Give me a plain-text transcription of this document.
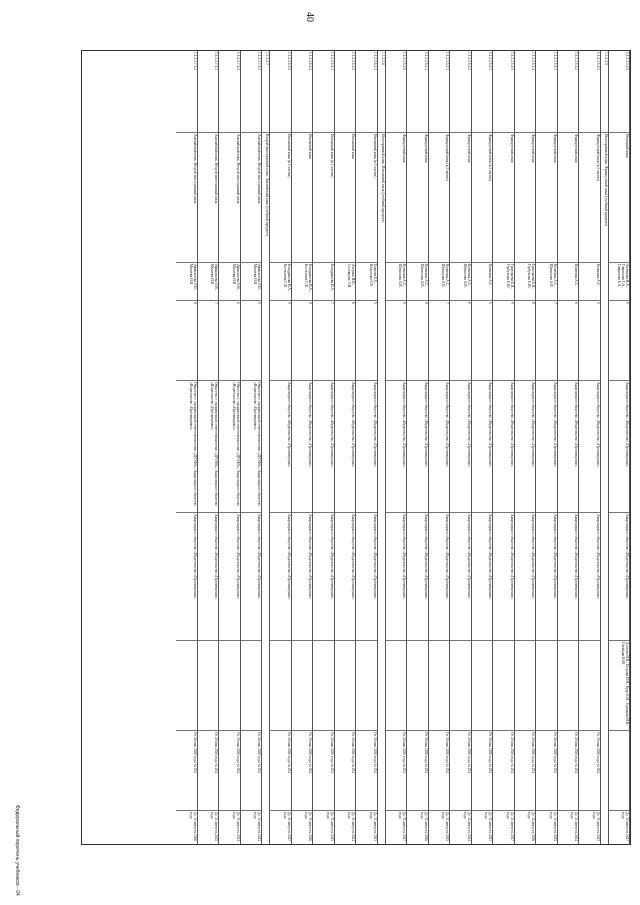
40
Федеральный перечень учебников - 04
1.1.2.2.3.4.5
Немецкий язык
Артемова Н.А., Гаврилова Т.А., Гаврилова Е.А.
9
Акционерное общество «Издательство «Просвещение»
Акционерное общество «Издательство «Просвещение»
Долгова И.В., Егорова Н.Н., Куцо Е.Н., Горшкова Н.В., Сагайдак Н.Ю.
До 31 августа 2027 года
1.1.2.2.5
Иностранный язык. Французский язык (учебный предмет)
1.1.2.2.5.1.1
Французский язык (в 2 частях)
Кулигина А.С.
5
Акционерное общество «Издательство «Просвещение»
Акционерное общество «Издательство «Просвещение»
От 20 мая 2020 года № 254
До 31 августа 2023 года
1.1.2.2.5.1.2
Французский язык
Кулигина А.С.
6
Акционерное общество «Издательство «Просвещение»
Акционерное общество «Издательство «Просвещение»
От 20 мая 2020 года № 254
До 31 августа 2024 года
1.1.2.2.5.1.3
Французский язык
Кулигина А.С., Щепилова А.В.
7
Акционерное общество «Издательство «Просвещение»
Акционерное общество «Издательство «Просвещение»
От 20 мая 2020 года № 254
До 31 августа 2025 года
1.1.2.2.5.1.4
Французский язык
Григорьева Е.Я., Горбунова Е.Ю.
8
Акционерное общество «Издательство «Просвещение»
Акционерное общество «Издательство «Просвещение»
От 20 мая 2020 года № 254
До 31 августа 2026 года
1.1.2.2.5.1.5
Французский язык
Григорьева Е.Я., Горбунова Е.Ю.
9
Акционерное общество «Издательство «Просвещение»
Акционерное общество «Издательство «Просвещение»
От 20 мая 2020 года № 254
До 31 августа 2027 года
1.1.2.2.5.2.1
Французский язык (в 2 частях)
Кулигина А.С.
5
Акционерное общество «Издательство «Просвещение»
Акционерное общество «Издательство «Просвещение»
От 20 мая 2020 года № 254
До 31 августа 2023 года
1.1.2.2.5.2.2
Французский язык
Кулигина А.С., Щепилова А.В.
6
Акционерное общество «Издательство «Просвещение»
Акционерное общество «Издательство «Просвещение»
От 20 мая 2020 года № 254
До 31 августа 2024 года
1.1.2.2.5.2.3
Французский язык (в 2 частях)
Кулигина А.С., Щепилова А.В.
7
Акционерное общество «Издательство «Просвещение»
Акционерное общество «Издательство «Просвещение»
От 20 мая 2020 года № 254
До 31 августа 2025 года
1.1.2.2.5.2.4
Французский язык
Кулигина А.С., Щепилова А.В.
8
Акционерное общество «Издательство «Просвещение»
Акционерное общество «Издательство «Просвещение»
От 20 мая 2020 года № 254
До 31 августа 2026 года
1.1.2.2.5.2.5
Французский язык
Кулигина А.С., Щепилова А.В.
9
Акционерное общество «Издательство «Просвещение»
Акционерное общество «Издательство «Просвещение»
От 20 мая 2020 года № 254
До 31 августа 2027 года
1.1.2.2.6
Иностранный язык. Испанский язык (учебный предмет)
1.1.2.2.6.1.1
Испанский язык (в 2 частях)
Боярова Е.Е., Шорохова О.Е.
5
Акционерное общество «Издательство «Просвещение»
Акционерное общество «Издательство «Просвещение»
От 20 мая 2020 года № 254
До 31 августа 2023 года
1.1.2.2.6.1.2
Испанский язык
Алергия И.В., Соловцова Э.И.
6
Акционерное общество «Издательство «Просвещение»
Акционерное общество «Издательство «Просвещение»
От 20 мая 2020 года № 254
До 31 августа 2024 года
1.1.2.2.6.1.3
Испанский язык (в 2 частях)
Кондрашова Н.А.
7
Акционерное общество «Издательство «Просвещение»
Акционерное общество «Издательство «Просвещение»
От 20 мая 2020 года № 254
До 31 августа 2025 года
1.1.2.2.6.1.4
Испанский язык
Кондрашова Н.А., Костылева С.В.
8
Акционерное общество «Издательство «Просвещение»
Акционерное общество «Издательство «Просвещение»
От 20 мая 2020 года № 254
До 31 августа 2026 года
1.1.2.2.6.1.5
Испанский язык (в 2 частях)
Кондрашова Н.А., Костылева С.В.
9
Акционерное общество «Издательство «Просвещение»
Акционерное общество «Издательство «Просвещение»
От 20 мая 2020 года № 254
До 31 августа 2027 года
1.1.2.2.7
Второй иностранный язык. Английский язык (учебный предмет)
1.1.2.2.7.1.1
Английский язык. Второй иностранный язык
Афанасьева О.В., Михеева И.В.
5
Общество с ограниченной ответственностью «ДРОФА»; Акционерное общество «Издательство «Просвещение»
Акционерное общество «Издательство «Просвещение»
От 20 мая 2020 года № 254
До 31 августа 2023 года
1.1.2.2.7.1.2
Английский язык. Второй иностранный язык
Афанасьева О.В., Михеева И.В.
6
Общество с ограниченной ответственностью «ДРОФА»; Акционерное общество «Издательство «Просвещение»
Акционерное общество «Издательство «Просвещение»
От 20 мая 2020 года № 254
До 31 августа 2024 года
1.1.2.2.7.1.3
Английский язык. Второй иностранный язык
Афанасьева О.В., Михеева И.В.
7
Общество с ограниченной ответственностью «ДРОФА»; Акционерное общество «Издательство «Просвещение»
Акционерное общество «Издательство «Просвещение»
От 20 мая 2020 года № 254
До 31 августа 2025 года
1.1.2.2.7.1.4
Английский язык. Второй иностранный язык
Афанасьева О.В., Михеева И.В.
8
Общество с ограниченной ответственностью «ДРОФА»; Акционерное общество «Издательство «Просвещение»
Акционерное общество «Издательство «Просвещение»
От 20 мая 2020 года № 254
До 31 августа 2026 года
